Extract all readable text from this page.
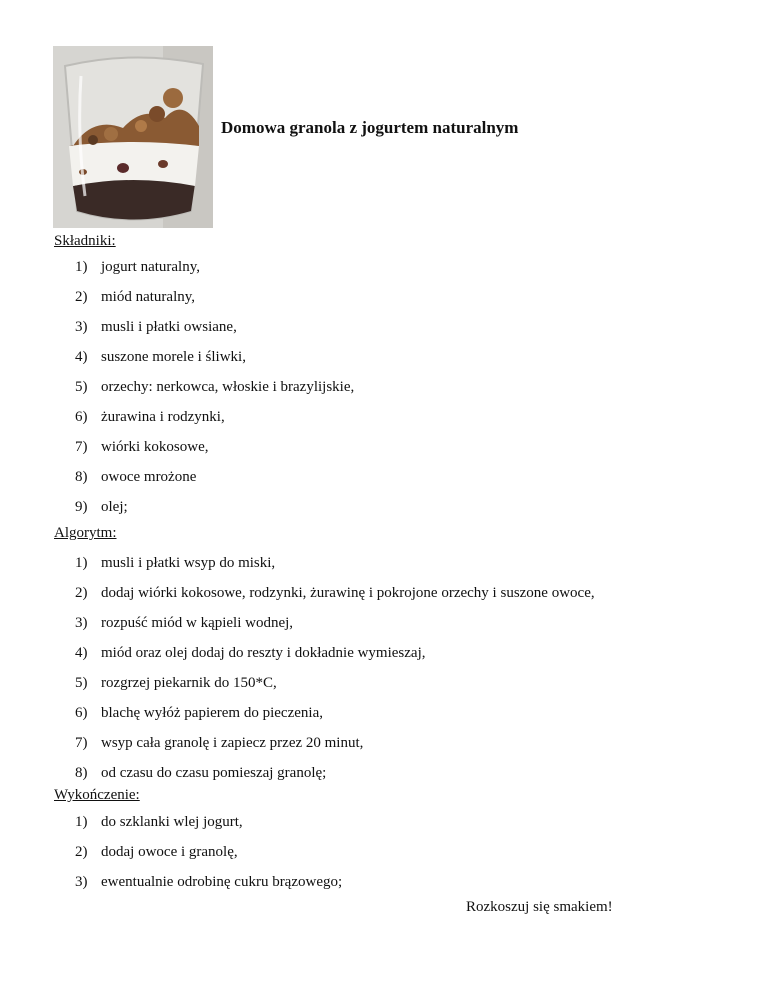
Domowa granola z jogurtem naturalnym
Składniki:
1) jogurt naturalny,
2) miód naturalny,
3) musli i płatki owsiane,
4) suszone morele i śliwki,
5) orzechy: nerkowca, włoskie i brazylijskie,
6) żurawina i rodzynki,
7) wiórki kokosowe,
8) owoce mrożone
9) olej;
Algorytm:
1) musli i płatki wsyp do miski,
2) dodaj wiórki kokosowe, rodzynki, żurawinę i pokrojone orzechy i suszone owoce,
3) rozpuść miód w kąpieli wodnej,
4) miód oraz olej dodaj do reszty i dokładnie wymieszaj,
5) rozgrzej piekarnik do 150*C,
6) blachę wyłóż papierem do pieczenia,
7) wsyp cała granolę i zapiecz przez 20 minut,
8) od czasu do czasu pomieszaj granolę;
Wykończenie:
1) do szklanki wlej jogurt,
2) dodaj owoce i granolę,
3) ewentualnie odrobinę cukru brązowego;
Rozkoszuj się smakiem!
